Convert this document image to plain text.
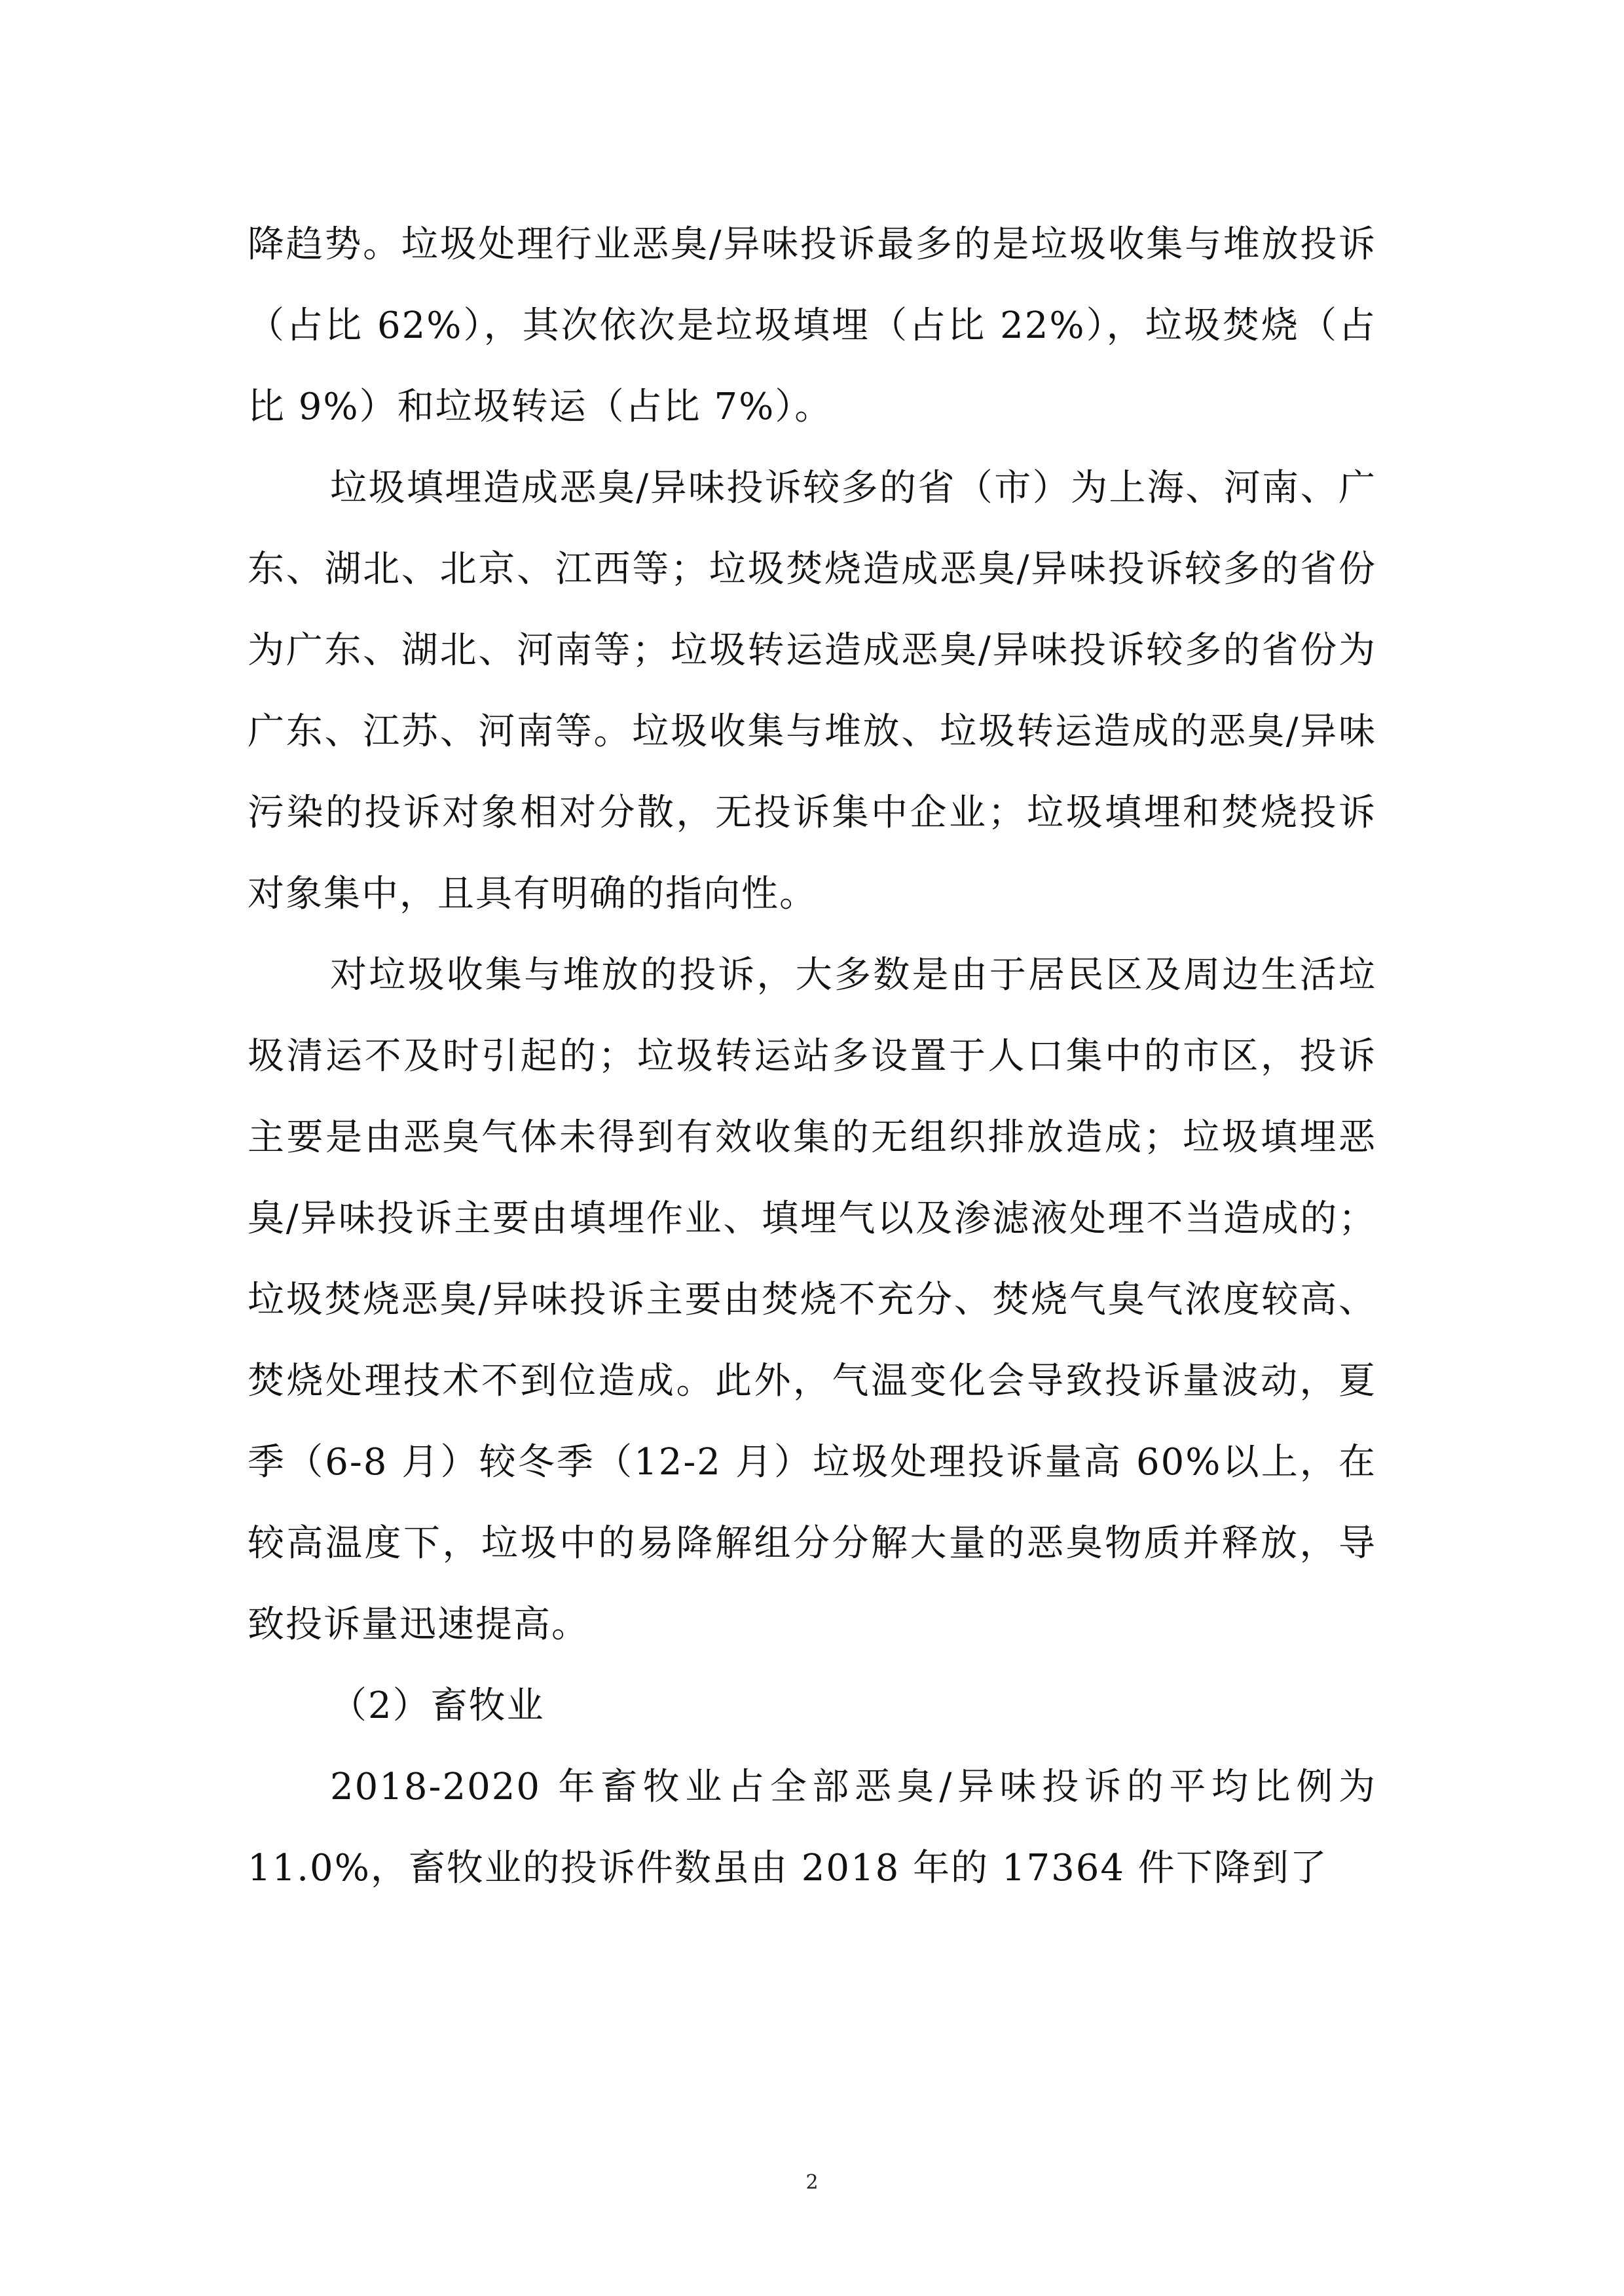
降趋势。垃圾处理行业恶臭/异味投诉最多的是垃圾收集与堆放投诉（占比 62%），其次依次是垃圾填埋（占比 22%），垃圾焚烧（占比 9%）和垃圾转运（占比 7%）。

垃圾填埋造成恶臭/异味投诉较多的省（市）为上海、河南、广东、湖北、北京、江西等；垃圾焚烧造成恶臭/异味投诉较多的省份为广东、湖北、河南等；垃圾转运造成恶臭/异味投诉较多的省份为广东、江苏、河南等。垃圾收集与堆放、垃圾转运造成的恶臭/异味污染的投诉对象相对分散，无投诉集中企业；垃圾填埋和焚烧投诉对象集中，且具有明确的指向性。

对垃圾收集与堆放的投诉，大多数是由于居民区及周边生活垃圾清运不及时引起的；垃圾转运站多设置于人口集中的市区，投诉主要是由恶臭气体未得到有效收集的无组织排放造成；垃圾填埋恶臭/异味投诉主要由填埋作业、填埋气以及渗滤液处理不当造成的；垃圾焚烧恶臭/异味投诉主要由焚烧不充分、焚烧气臭气浓度较高、焚烧处理技术不到位造成。此外，气温变化会导致投诉量波动，夏季（6-8 月）较冬季（12-2 月）垃圾处理投诉量高 60%以上，在较高温度下，垃圾中的易降解组分分解大量的恶臭物质并释放，导致投诉量迅速提高。

（2）畜牧业

2018-2020 年畜牧业占全部恶臭/异味投诉的平均比例为 11.0%，畜牧业的投诉件数虽由 2018 年的 17364 件下降到了

2
